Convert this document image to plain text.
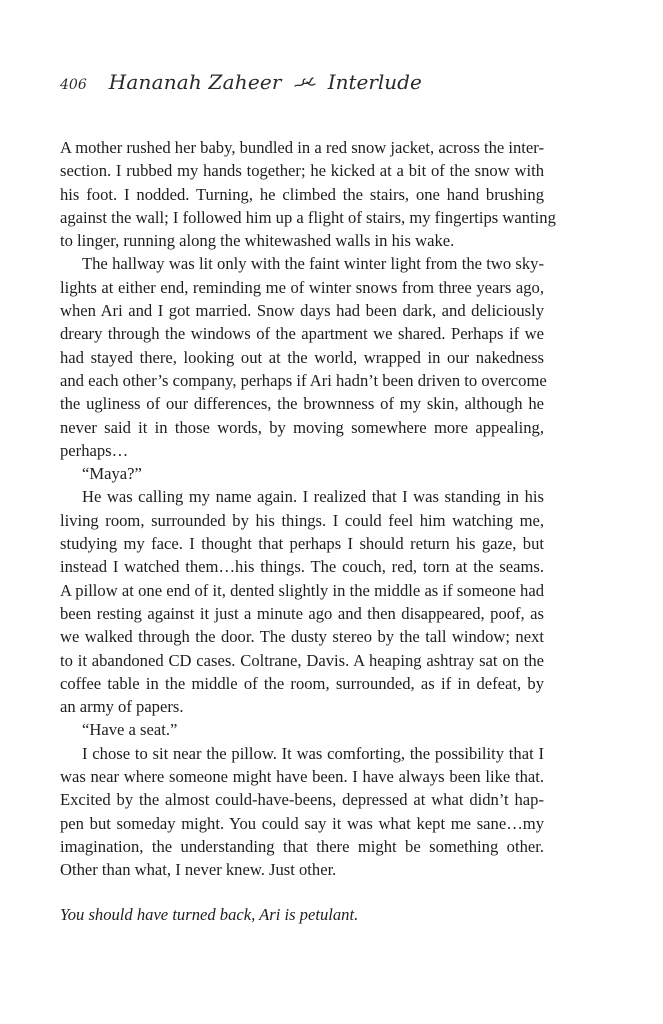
406 Hananah Zaheer Interlude
A mother rushed her baby, bundled in a red snow jacket, across the inter-
section. I rubbed my hands together; he kicked at a bit of the snow with
his foot. I nodded. Turning, he climbed the stairs, one hand brushing
against the wall; I followed him up a flight of stairs, my fingertips wanting
to linger, running along the whitewashed walls in his wake.
The hallway was lit only with the faint winter light from the two sky-
lights at either end, reminding me of winter snows from three years ago,
when Ari and I got married. Snow days had been dark, and deliciously
dreary through the windows of the apartment we shared. Perhaps if we
had stayed there, looking out at the world, wrapped in our nakedness
and each other’s company, perhaps if Ari hadn’t been driven to overcome
the ugliness of our differences, the brownness of my skin, although he
never said it in those words, by moving somewhere more appealing,
perhaps…
“Maya?”
He was calling my name again. I realized that I was standing in his
living room, surrounded by his things. I could feel him watching me,
studying my face. I thought that perhaps I should return his gaze, but
instead I watched them…his things. The couch, red, torn at the seams.
A pillow at one end of it, dented slightly in the middle as if someone had
been resting against it just a minute ago and then disappeared, poof, as
we walked through the door. The dusty stereo by the tall window; next
to it abandoned CD cases. Coltrane, Davis. A heaping ashtray sat on the
coffee table in the middle of the room, surrounded, as if in defeat, by
an army of papers.
“Have a seat.”
I chose to sit near the pillow. It was comforting, the possibility that I
was near where someone might have been. I have always been like that.
Excited by the almost could-have-beens, depressed at what didn’t hap-
pen but someday might. You could say it was what kept me sane…my
imagination, the understanding that there might be something other.
Other than what, I never knew. Just other.
You should have turned back, Ari is petulant.
